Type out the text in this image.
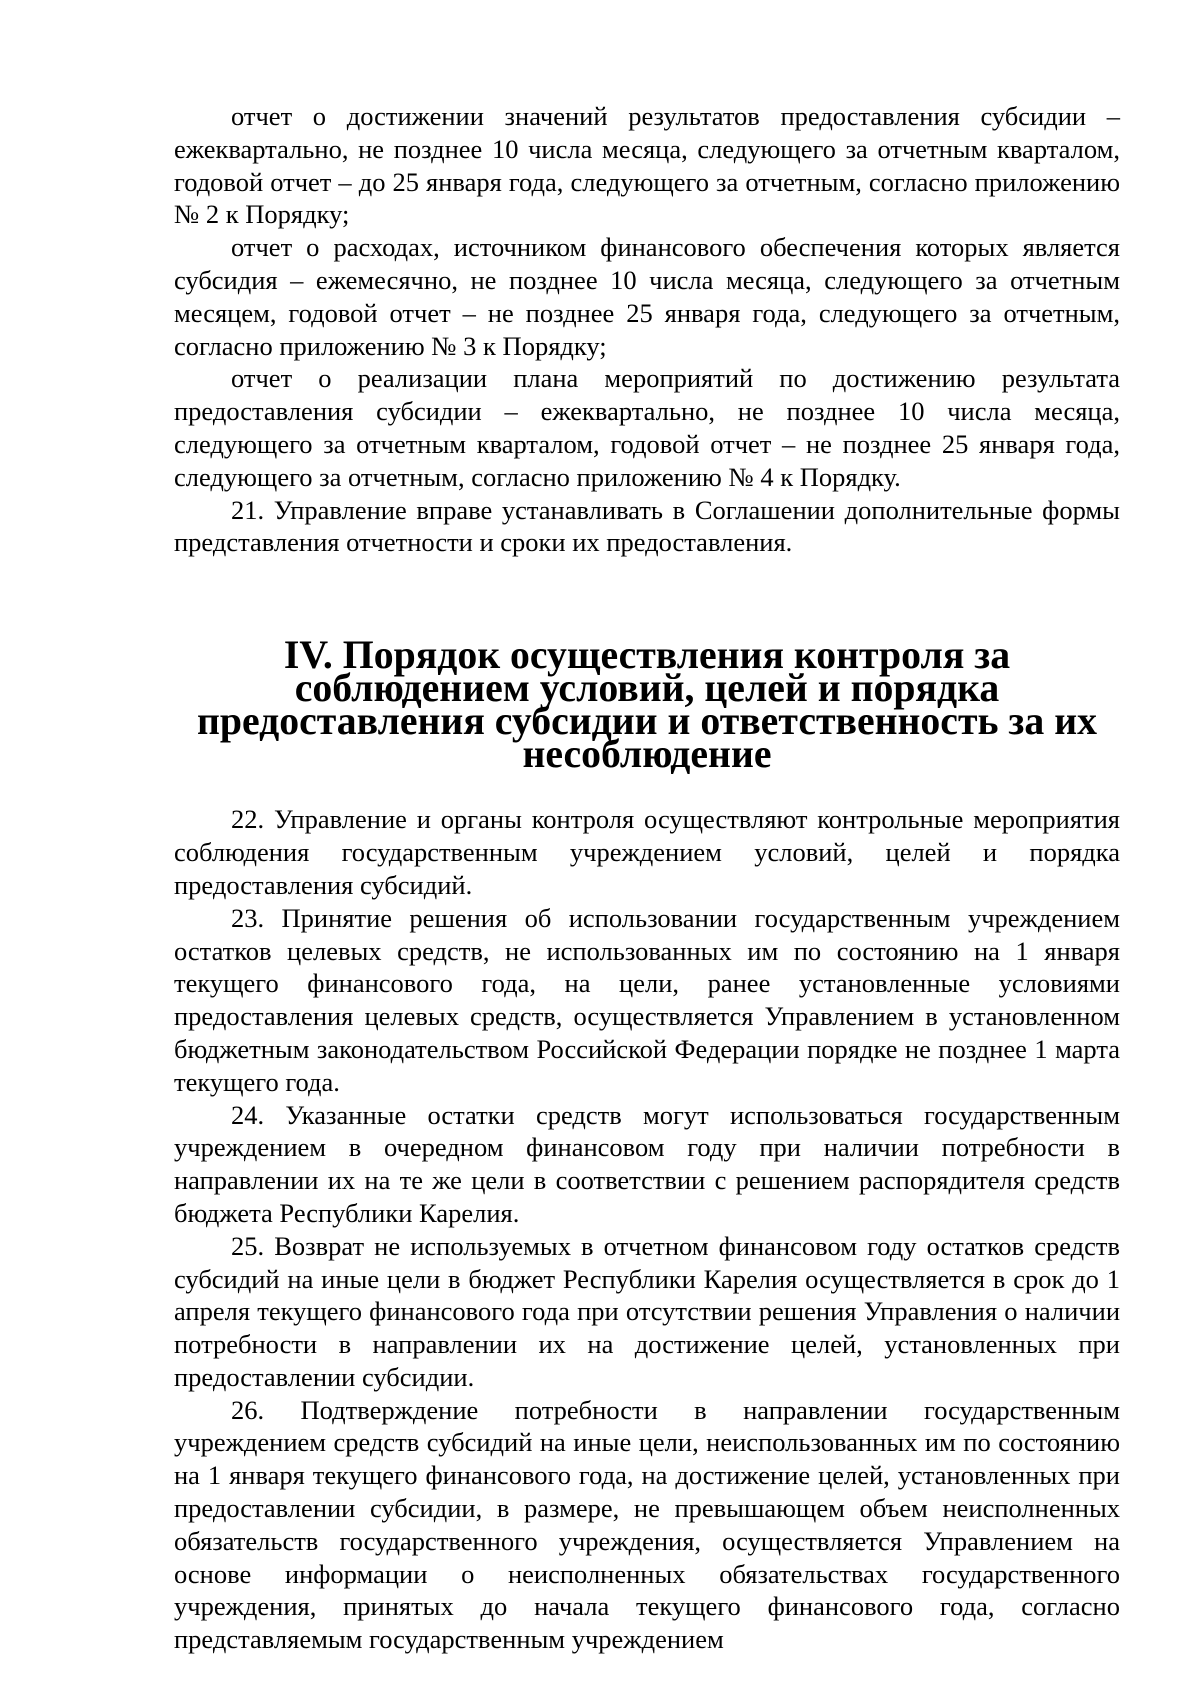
отчет о достижении значений результатов предоставления субсидии – ежеквартально, не позднее 10 числа месяца, следующего за отчетным кварталом, годовой отчет – до 25 января года, следующего за отчетным, согласно приложению № 2 к Порядку;

отчет о расходах, источником финансового обеспечения которых является субсидия – ежемесячно, не позднее 10 числа месяца, следующего за отчетным месяцем, годовой отчет – не позднее 25 января года, следующего за отчетным, согласно приложению № 3 к Порядку;

отчет о реализации плана мероприятий по достижению результата предоставления субсидии – ежеквартально, не позднее 10 числа месяца, следующего за отчетным кварталом, годовой отчет – не позднее 25 января года, следующего за отчетным, согласно приложению № 4 к Порядку.

21. Управление вправе устанавливать в Соглашении дополнительные формы представления отчетности и сроки их предоставления.

IV. Порядок осуществления контроля за соблюдением условий, целей и порядка предоставления субсидии и ответственность за их несоблюдение

22. Управление и органы контроля осуществляют контрольные мероприятия соблюдения государственным учреждением условий, целей и порядка предоставления субсидий.

23. Принятие решения об использовании государственным учреждением остатков целевых средств, не использованных им по состоянию на 1 января текущего финансового года, на цели, ранее установленные условиями предоставления целевых средств, осуществляется Управлением в установленном бюджетным законодательством Российской Федерации порядке не позднее 1 марта текущего года.

24. Указанные остатки средств могут использоваться государственным учреждением в очередном финансовом году при наличии потребности в направлении их на те же цели в соответствии с решением распорядителя средств бюджета Республики Карелия.

25. Возврат не используемых в отчетном финансовом году остатков средств субсидий на иные цели в бюджет Республики Карелия осуществляется в срок до 1 апреля текущего финансового года при отсутствии решения Управления о наличии потребности в направлении их на достижение целей, установленных при предоставлении субсидии.

26. Подтверждение потребности в направлении государственным учреждением средств субсидий на иные цели, неиспользованных им по состоянию на 1 января текущего финансового года, на достижение целей, установленных при предоставлении субсидии, в размере, не превышающем объем неисполненных обязательств государственного учреждения, осуществляется Управлением на основе информации о неисполненных обязательствах государственного учреждения, принятых до начала текущего финансового года, согласно представляемым государственным учреждением
